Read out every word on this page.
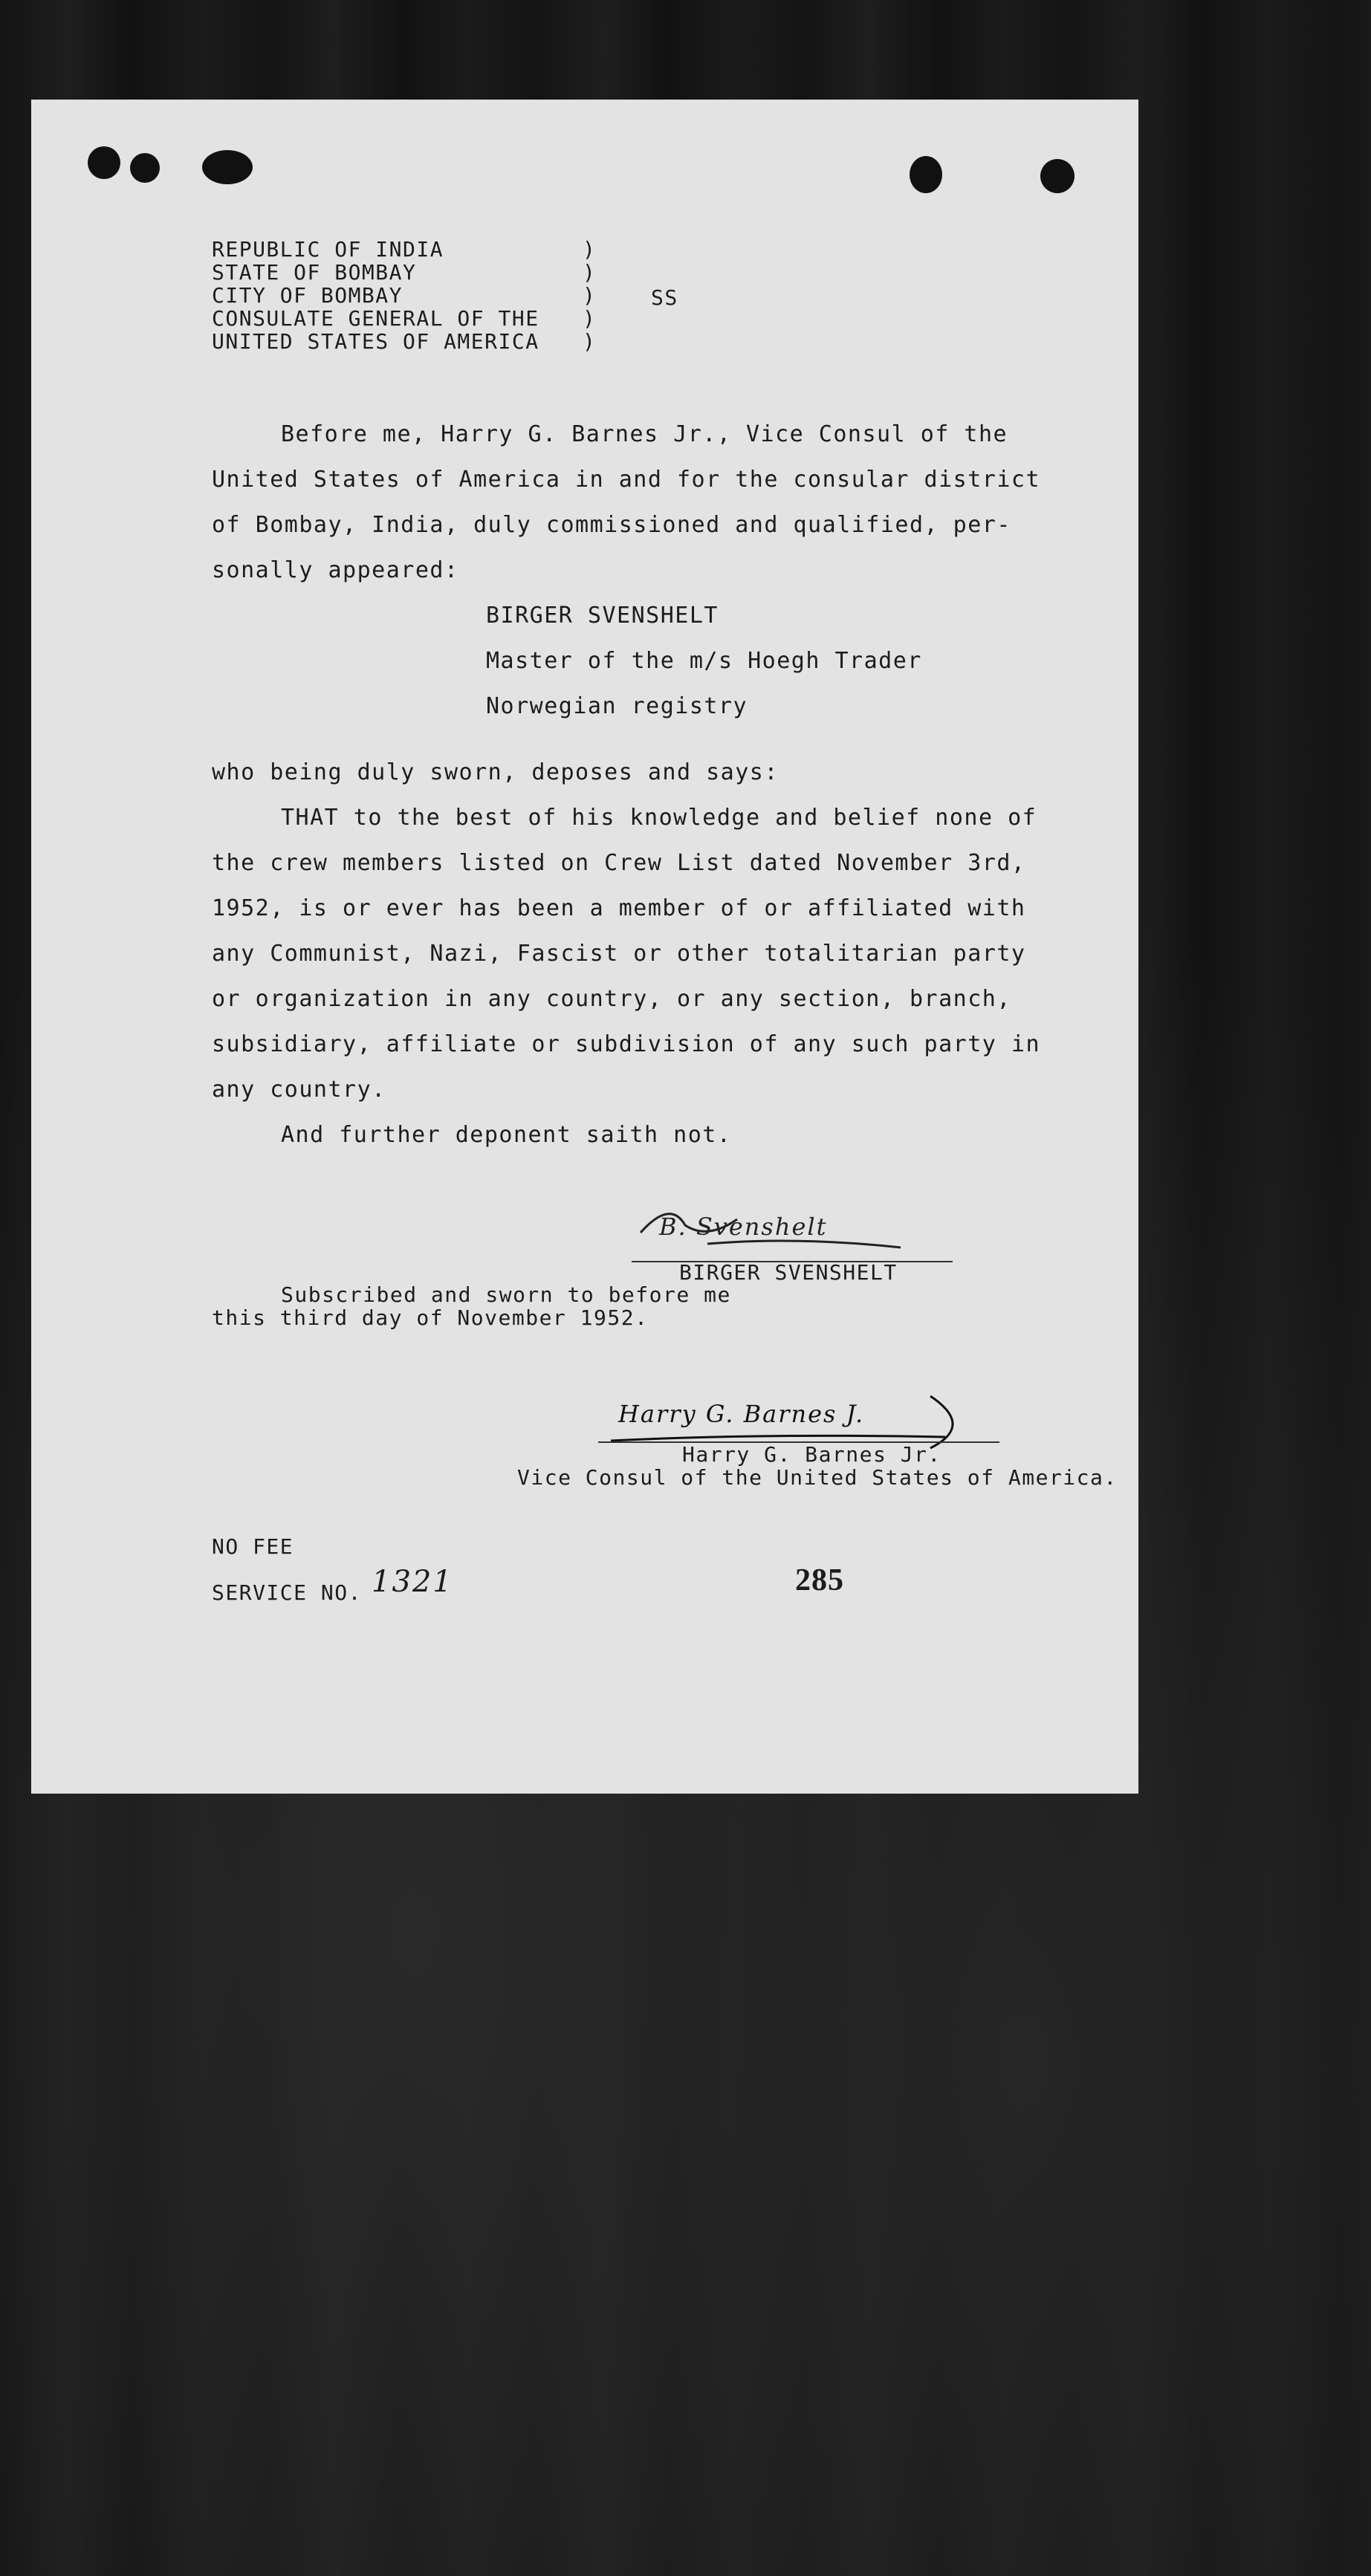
REPUBLIC OF INDIA
STATE OF BOMBAY
CITY OF BOMBAY
CONSULATE GENERAL OF THE
UNITED STATES OF AMERICA
)
)
)
)
)
SS
Before me, Harry G. Barnes Jr., Vice Consul of the
United States of America in and for the consular district
of Bombay, India, duly commissioned and qualified, per-
sonally appeared:
BIRGER SVENSHELT
Master of the m/s Hoegh Trader
Norwegian registry
who being duly sworn, deposes and says:
THAT to the best of his knowledge and belief none of
the crew members listed on Crew List dated November 3rd,
1952, is or ever has been a member of or affiliated with
any Communist, Nazi, Fascist or other totalitarian party
or organization in any country, or any section, branch,
subsidiary, affiliate or subdivision of any such party in
any country.
And further deponent saith not.
B. Svenshelt
BIRGER SVENSHELT
Subscribed and sworn to before me
this third day of November 1952.
Harry G. Barnes J.
Harry G. Barnes Jr.
Vice Consul of the United States of America.
NO FEE
SERVICE NO. 1321	285
